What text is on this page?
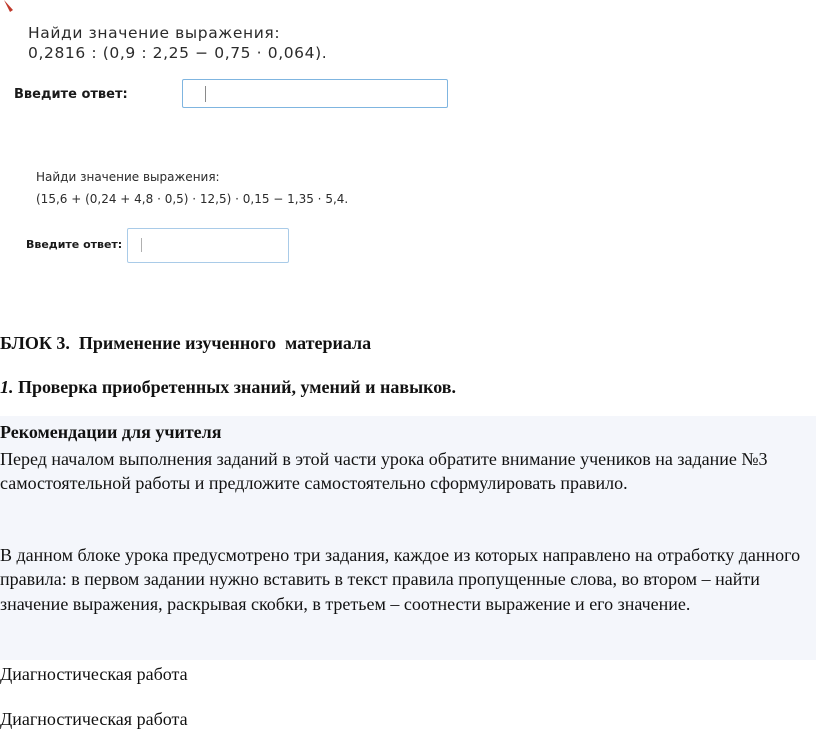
Найди значение выражения:
0,2816 : (0,9 : 2,25 − 0,75 · 0,064).
Введите ответ:
Найди значение выражения:
(15,6 + (0,24 + 4,8 · 0,5) · 12,5) · 0,15 − 1,35 · 5,4.
Введите ответ:
БЛОК 3.  Применение изученного  материала
1. Проверка приобретенных знаний, умений и навыков.
Рекомендации для учителя
Перед началом выполнения заданий в этой части урока обратите внимание учеников на задание №3 самостоятельной работы и предложите самостоятельно сформулировать правило.
В данном блоке урока предусмотрено три задания, каждое из которых направлено на отработку данного правила: в первом задании нужно вставить в текст правила пропущенные слова, во втором – найти значение выражения, раскрывая скобки, в третьем – соотнести выражение и его значение.
Диагностическая работа
Диагностическая работа
